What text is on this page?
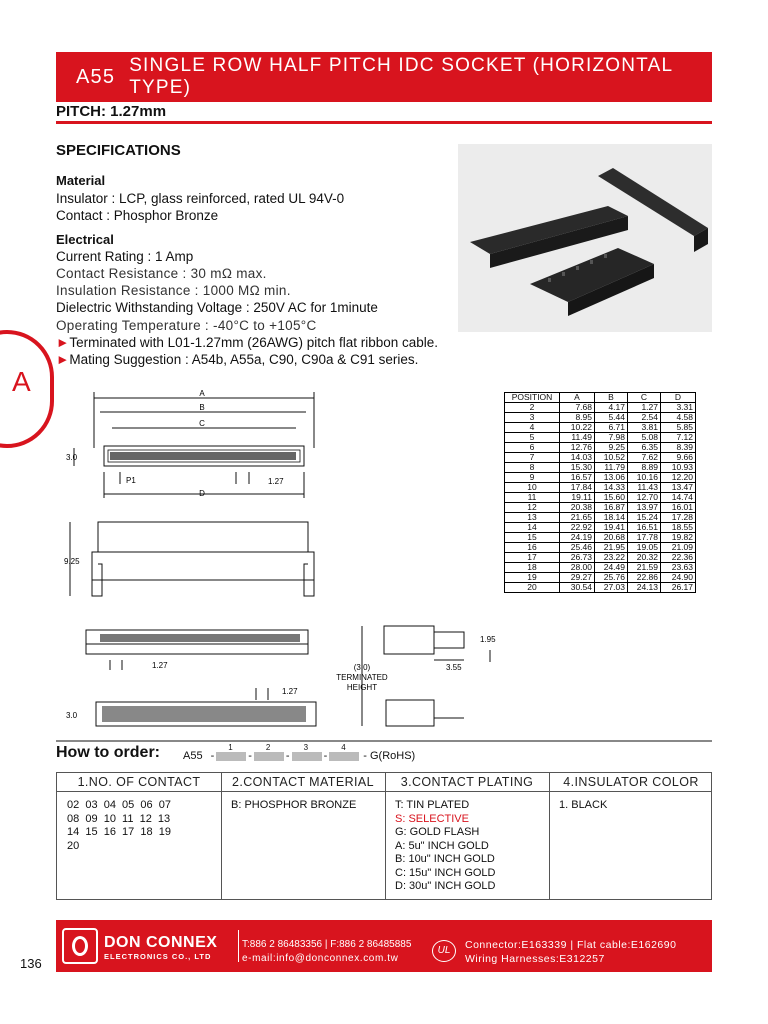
A55 SINGLE ROW HALF PITCH IDC SOCKET (HORIZONTAL TYPE)
PITCH: 1.27mm
A
SPECIFICATIONS
Material
Insulator : LCP, glass reinforced, rated UL 94V-0
Contact : Phosphor Bronze
Electrical
Current Rating : 1 Amp
Contact Resistance : 30 mΩ max.
Insulation Resistance : 1000 MΩ min.
Dielectric Withstanding Voltage : 250V AC for 1minute
Operating Temperature : -40°C to +105°C
►Terminated with L01-1.27mm (26AWG) pitch flat ribbon cable.
►Mating Suggestion : A54b, A55a, C90, C90a & C91 series.
A
B
C
D
P1	1.27
3.0
9.25
1.27
1.27
3.0
1.95
3.55
(3.0)
TERMINATED
HEIGHT
POSITION	A	B	C	D
2	7.68	4.17	1.27	3.31
3	8.95	5.44	2.54	4.58
4	10.22	6.71	3.81	5.85
5	11.49	7.98	5.08	7.12
6	12.76	9.25	6.35	8.39
7	14.03	10.52	7.62	9.66
8	15.30	11.79	8.89	10.93
9	16.57	13.06	10.16	12.20
10	17.84	14.33	11.43	13.47
11	19.11	15.60	12.70	14.74
12	20.38	16.87	13.97	16.01
13	21.65	18.14	15.24	17.28
14	22.92	19.41	16.51	18.55
15	24.19	20.68	17.78	19.82
16	25.46	21.95	19.05	21.09
17	26.73	23.22	20.32	22.36
18	28.00	24.49	21.59	23.63
19	29.27	25.76	22.86	24.90
20	30.54	27.03	24.13	26.17
How to order: A55 -
1
-
2
-
3
-
4
- G(RoHS)
1.NO. OF CONTACT	2.CONTACT MATERIAL	3.CONTACT PLATING	4.INSULATOR COLOR
02  03  04  05  06  07
08  09  10  11  12  13
14  15  16  17  18  19
20
B: PHOSPHOR BRONZE	T: TIN PLATED
S: SELECTIVE
G: GOLD FLASH
A: 5u" INCH GOLD
B: 10u" INCH GOLD
C: 15u" INCH GOLD
D: 30u" INCH GOLD
1. BLACK
DON CONNEX
ELECTRONICS CO., LTD
T:886 2 86483356 | F:886 2 86485885
e-mail:info@donconnex.com.tw
UL	Connector:E163339 | Flat cable:E162690
Wiring Harnesses:E312257
136
